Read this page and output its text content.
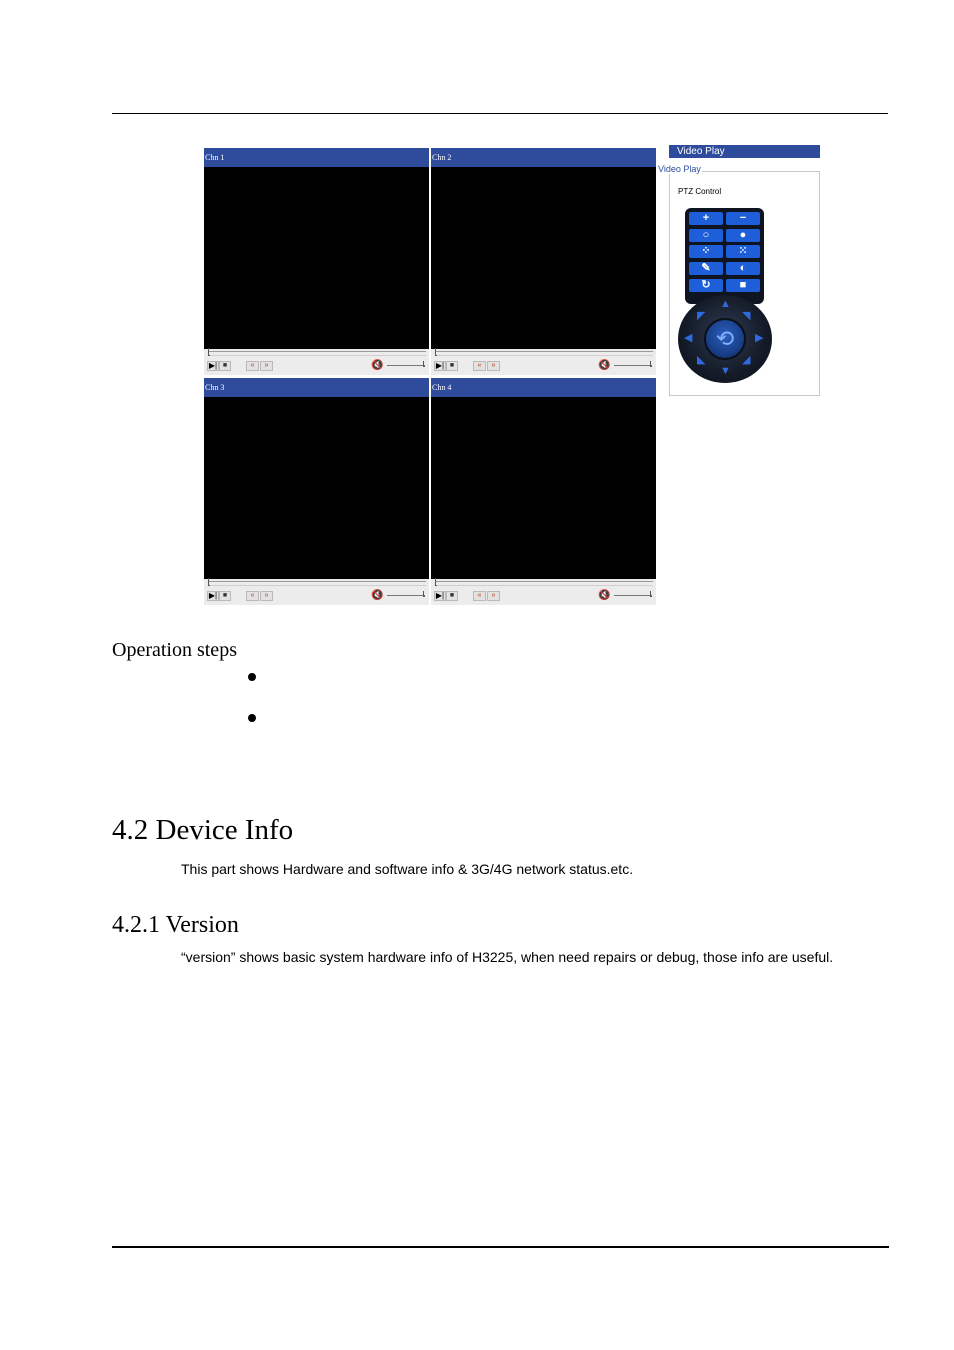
Chn 1
▶| ■	«	»	🔇
Chn 2
▶| ■	«	»	🔇
Chn 3
▶| ■	«	»	🔇
Chn 4
▶| ■	«	»	🔇
Video Play
Video Play
PTZ Control
+	−
○	●
⁘	⁙
✎	◐
↻	■
▲
▼
◀	▶
◤	◥
◣	◢
⟲
Operation steps
4.2 Device Info
This part shows Hardware and software info & 3G/4G network status.etc.
4.2.1 Version
“version” shows basic system hardware info of H3225, when need repairs or debug, those info are useful.
